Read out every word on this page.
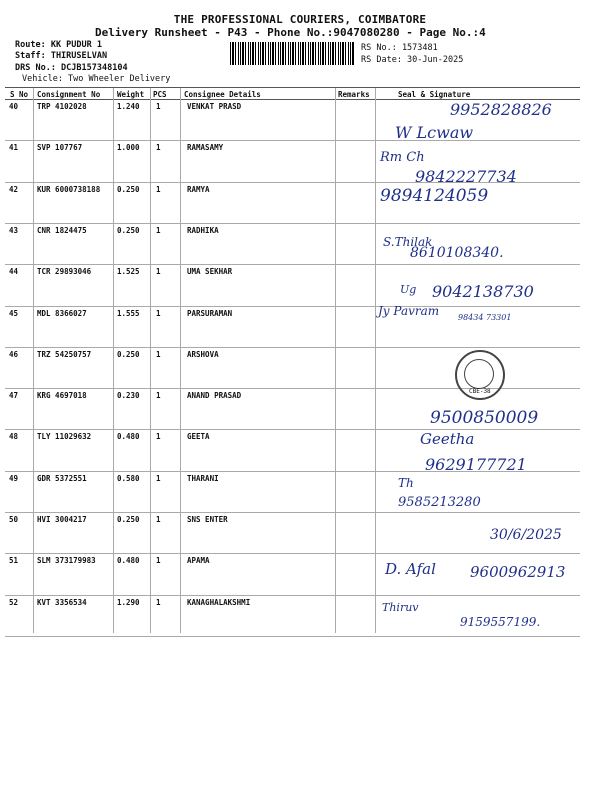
THE PROFESSIONAL COURIERS, COIMBATORE
Delivery Runsheet - P43 - Phone No.:9047080280 - Page No.:4
Route: KK PUDUR 1
Staff: THIRUSELVAN
DRS No.: DCJB157348104
Vehicle: Two Wheeler Delivery
RS No.: 1573481
RS Date: 30-Jun-2025
S No Consignment No Weight PCS Consignee Details	Remarks	Seal & Signature
40	TRP 4102028	1.240 1	VENKAT PRASD	9952828826
W Lcwaw
41	SVP 107767	1.000 1	RAMASAMY
Rm Ch
9842227734
42	KUR 6000738188 0.250 1	RAMYA	9894124059
43	CNR 1824475	0.250 1	RADHIKA
S.Thilak
8610108340.
44	TCR 29893046	1.525 1	UMA SEKHAR
Ug 9042138730
45	MDL 8366027	1.555 1	PARSURAMAN	Jy Pavram 98434 73301
46	TRZ 54250757	0.250 1	ARSHOVA
47	KRG 4697018	0.230 1	ANAND PRASAD
9500850009
48	TLY 11029632	0.480 1	GEETA	Geetha
9629177721
49	GDR 5372551	0.580 1	THARANI	Th
9585213280
50	HVI 3004217	0.250 1	SNS ENTER
30/6/2025
51	SLM 373179983	0.480 1	APAMA	D. Afal 9600962913
52	KVT 3356534	1.290 1	KANAGHALAKSHMI	Thiruv
9159557199.
CBE-38
